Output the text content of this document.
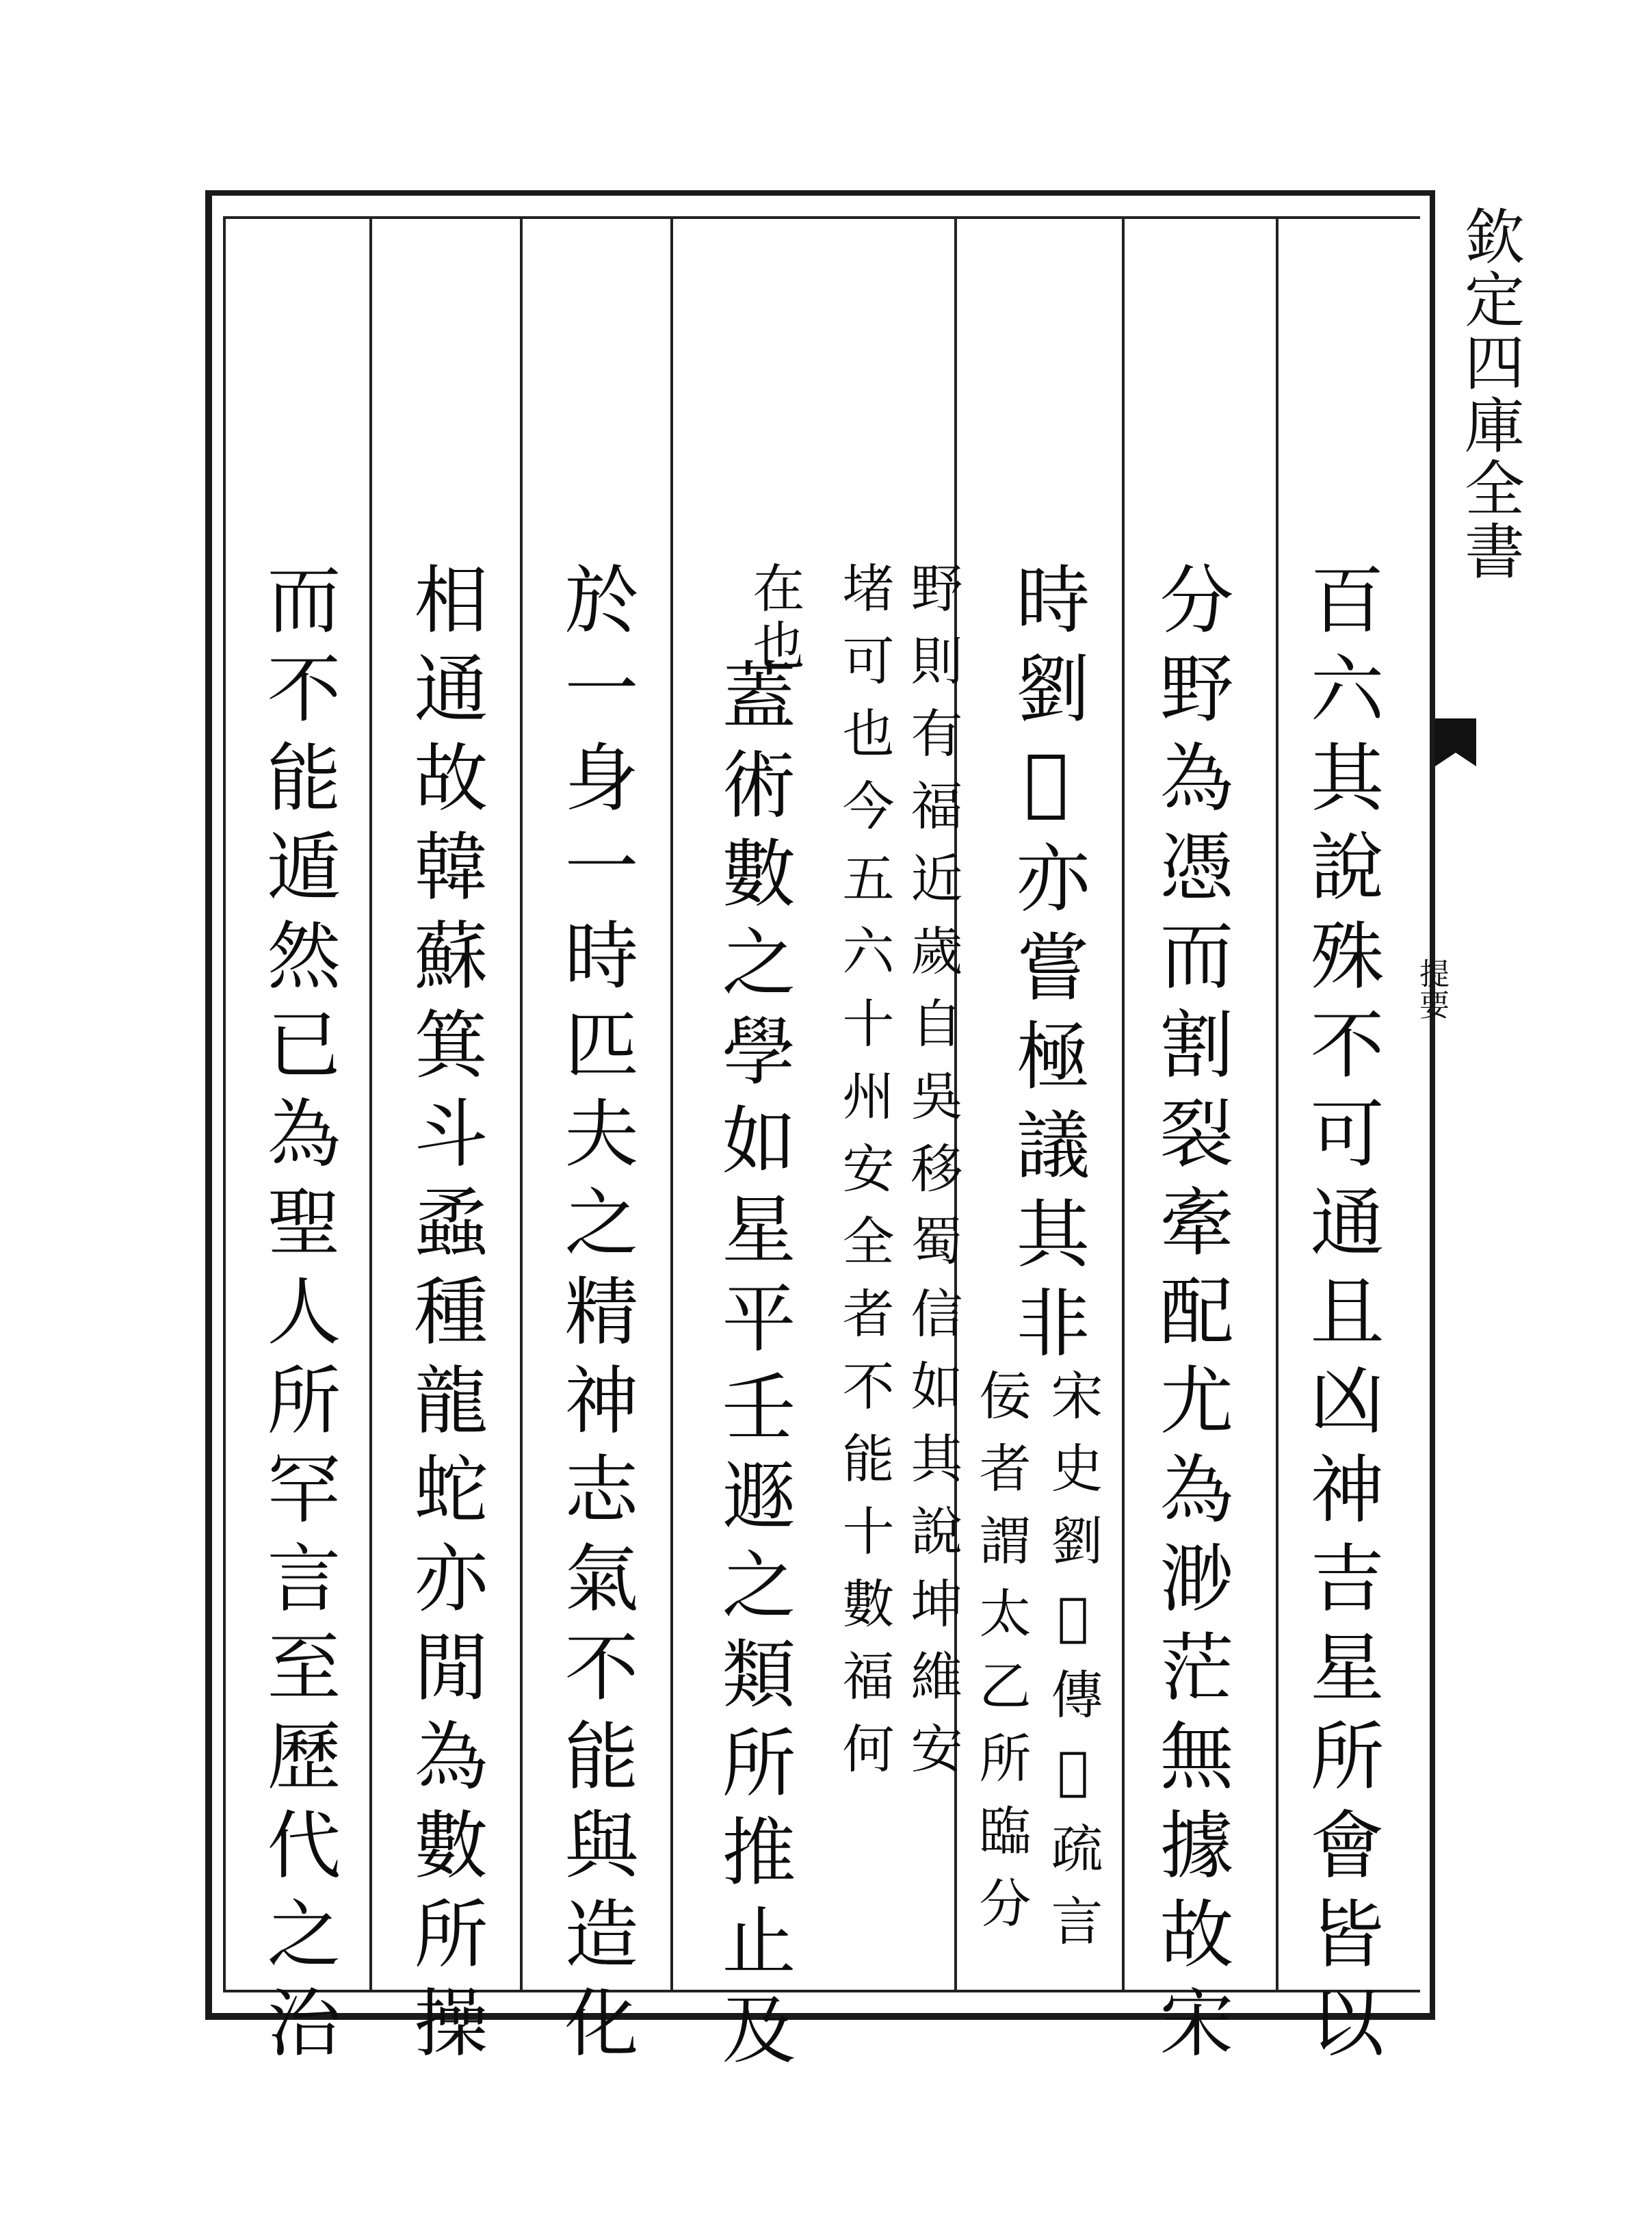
欽定四庫全書
提要
百六其說殊不可通且凶神吉星所會皆以
分野為憑而割裂牽配尤為渺茫無據故宋
時劉𢿱亦嘗極議其非
宋史劉𢿱傳𢿱疏言
佞者謂太乙所臨分
野則有福近歲自吳移蜀信如其說坤維安
堵可也今五六十州安全者不能十數福何
在也
蓋術數之學如星平壬遯之類所推止及
於一身一時匹夫之精神志氣不能與造化
相通故韓蘇箕斗蟊種龍蛇亦閒為數所操
而不能遁然已為聖人所罕言至歷代之治
